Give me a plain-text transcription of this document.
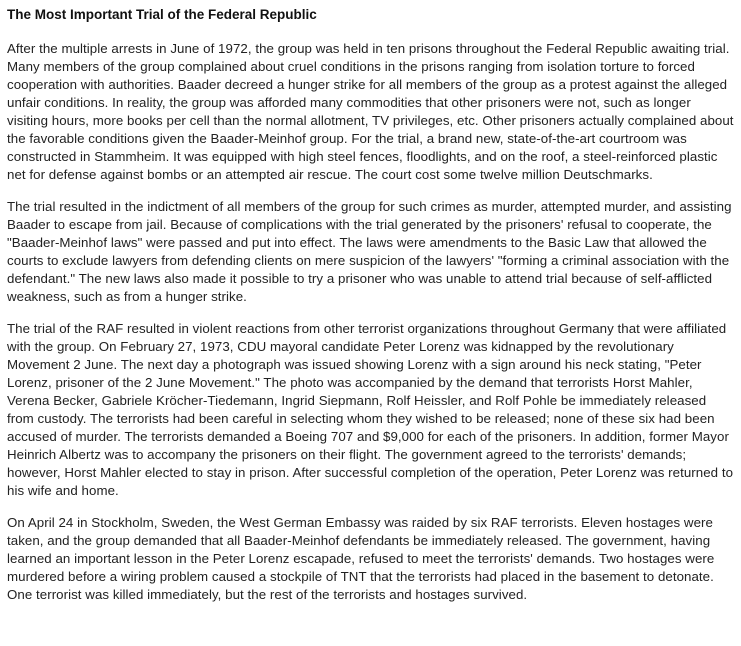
The Most Important Trial of the Federal Republic

After the multiple arrests in June of 1972, the group was held in ten prisons throughout the Federal Republic awaiting trial. Many members of the group complained about cruel conditions in the prisons ranging from isolation torture to forced cooperation with authorities. Baader decreed a hunger strike for all members of the group as a protest against the alleged unfair conditions. In reality, the group was afforded many commodities that other prisoners were not, such as longer visiting hours, more books per cell than the normal allotment, TV privileges, etc. Other prisoners actually complained about the favorable conditions given the Baader-Meinhof group. For the trial, a brand new, state-of-the-art courtroom was constructed in Stammheim. It was equipped with high steel fences, floodlights, and on the roof, a steel-reinforced plastic net for defense against bombs or an attempted air rescue. The court cost some twelve million Deutschmarks.

The trial resulted in the indictment of all members of the group for such crimes as murder, attempted murder, and assisting Baader to escape from jail. Because of complications with the trial generated by the prisoners' refusal to cooperate, the "Baader-Meinhof laws" were passed and put into effect. The laws were amendments to the Basic Law that allowed the courts to exclude lawyers from defending clients on mere suspicion of the lawyers' "forming a criminal association with the defendant." The new laws also made it possible to try a prisoner who was unable to attend trial because of self-afflicted weakness, such as from a hunger strike.

The trial of the RAF resulted in violent reactions from other terrorist organizations throughout Germany that were affiliated with the group. On February 27, 1973, CDU mayoral candidate Peter Lorenz was kidnapped by the revolutionary Movement 2 June. The next day a photograph was issued showing Lorenz with a sign around his neck stating, "Peter Lorenz, prisoner of the 2 June Movement." The photo was accompanied by the demand that terrorists Horst Mahler, Verena Becker, Gabriele Kröcher-Tiedemann, Ingrid Siepmann, Rolf Heissler, and Rolf Pohle be immediately released from custody. The terrorists had been careful in selecting whom they wished to be released; none of these six had been accused of murder. The terrorists demanded a Boeing 707 and $9,000 for each of the prisoners. In addition, former Mayor Heinrich Albertz was to accompany the prisoners on their flight. The government agreed to the terrorists' demands; however, Horst Mahler elected to stay in prison. After successful completion of the operation, Peter Lorenz was returned to his wife and home.

On April 24 in Stockholm, Sweden, the West German Embassy was raided by six RAF terrorists. Eleven hostages were taken, and the group demanded that all Baader-Meinhof defendants be immediately released. The government, having learned an important lesson in the Peter Lorenz escapade, refused to meet the terrorists' demands. Two hostages were murdered before a wiring problem caused a stockpile of TNT that the terrorists had placed in the basement to detonate. One terrorist was killed immediately, but the rest of the terrorists and hostages survived.
